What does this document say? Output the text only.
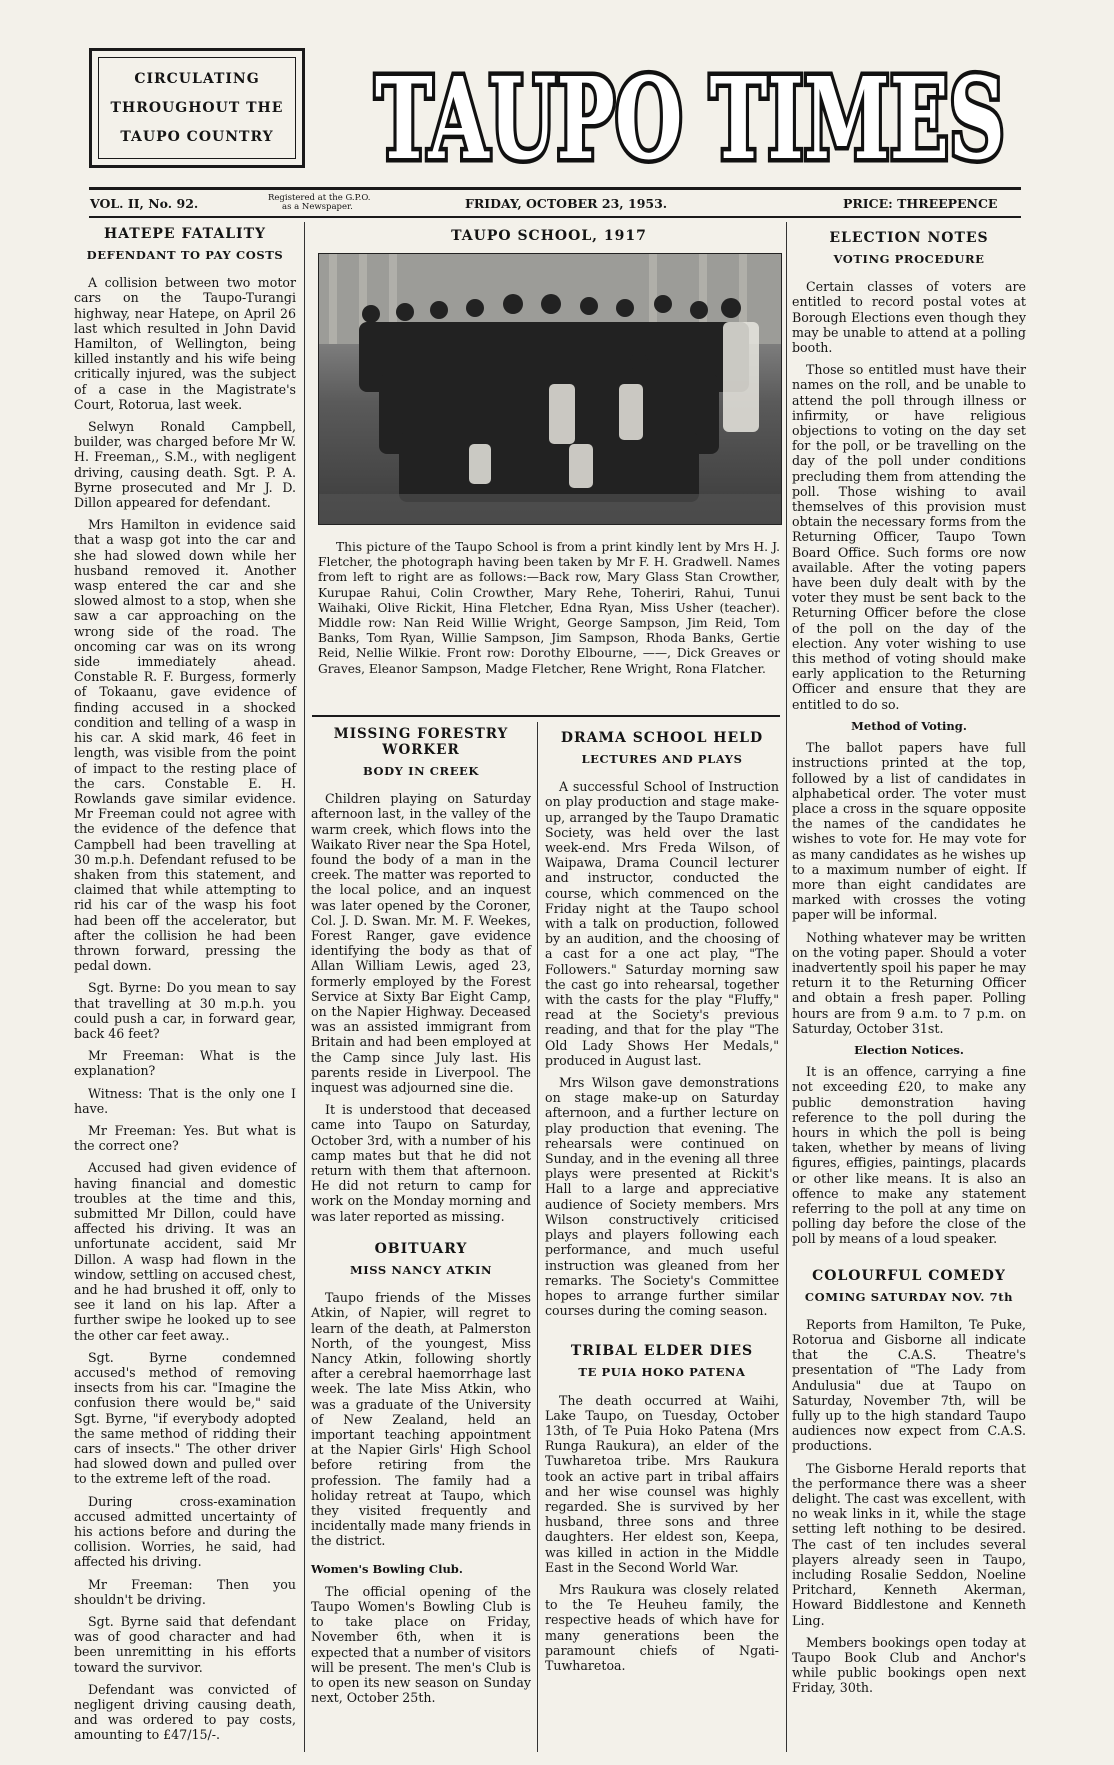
CIRCULATING
THROUGHOUT THE
TAUPO COUNTRY TAUPO TIMES
VOL. II, No. 92.	Registered at the G.P.O.
as a Newspaper.	FRIDAY, OCTOBER 23, 1953.	PRICE: THREEPENCE
HATEPE FATALITY
DEFENDANT TO PAY COSTS

A collision between two motor cars on the Taupo-Turangi highway, near Hatepe, on April 26 last which resulted in John David Hamilton, of Wellington, being killed instantly and his wife being critically injured, was the subject of a case in the Magistrate's Court, Rotorua, last week.

Selwyn Ronald Campbell, builder, was charged before Mr W. H. Freeman,, S.M., with negligent driving, causing death. Sgt. P. A. Byrne prosecuted and Mr J. D. Dillon appeared for defendant.

Mrs Hamilton in evidence said that a wasp got into the car and she had slowed down while her husband removed it. Another wasp entered the car and she slowed almost to a stop, when she saw a car approaching on the wrong side of the road. The oncoming car was on its wrong side immediately ahead. Constable R. F. Burgess, formerly of Tokaanu, gave evidence of finding accused in a shocked condition and telling of a wasp in his car. A skid mark, 46 feet in length, was visible from the point of impact to the resting place of the cars. Constable E. H. Rowlands gave similar evidence. Mr Freeman could not agree with the evidence of the defence that Campbell had been travelling at 30 m.p.h. Defendant refused to be shaken from this statement, and claimed that while attempting to rid his car of the wasp his foot had been off the accelerator, but after the collision he had been thrown forward, pressing the pedal down.

Sgt. Byrne: Do you mean to say that travelling at 30 m.p.h. you could push a car, in forward gear, back 46 feet?

Mr Freeman: What is the explanation?

Witness: That is the only one I have.

Mr Freeman: Yes. But what is the correct one?

Accused had given evidence of having financial and domestic troubles at the time and this, submitted Mr Dillon, could have affected his driving. It was an unfortunate accident, said Mr Dillon. A wasp had flown in the window, settling on accused chest, and he had brushed it off, only to see it land on his lap. After a further swipe he looked up to see the other car feet away..

Sgt. Byrne condemned accused's method of removing insects from his car. "Imagine the confusion there would be," said Sgt. Byrne, "if everybody adopted the same method of ridding their cars of insects." The other driver had slowed down and pulled over to the extreme left of the road.

During cross-examination accused admitted uncertainty of his actions before and during the collision. Worries, he said, had affected his driving.

Mr Freeman: Then you shouldn't be driving.

Sgt. Byrne said that defendant was of good character and had been unremitting in his efforts toward the survivor.

Defendant was convicted of negligent driving causing death, and was ordered to pay costs, amounting to £47/15/-.

TAUPO SCHOOL, 1917

This picture of the Taupo School is from a print kindly lent by Mrs H. J. Fletcher, the photograph having been taken by Mr F. H. Gradwell. Names from left to right are as follows:—Back row, Mary Glass Stan Crowther, Kurupae Rahui, Colin Crowther, Mary Rehe, Toheriri, Rahui, Tunui Waihaki, Olive Rickit, Hina Fletcher, Edna Ryan, Miss Usher (teacher). Middle row: Nan Reid Willie Wright, George Sampson, Jim Reid, Tom Banks, Tom Ryan, Willie Sampson, Jim Sampson, Rhoda Banks, Gertie Reid, Nellie Wilkie. Front row: Dorothy Elbourne, ——, Dick Greaves or Graves, Eleanor Sampson, Madge Fletcher, Rene Wright, Rona Flatcher.

MISSING FORESTRY WORKER
BODY IN CREEK

Children playing on Saturday afternoon last, in the valley of the warm creek, which flows into the Waikato River near the Spa Hotel, found the body of a man in the creek. The matter was reported to the local police, and an inquest was later opened by the Coroner, Col. J. D. Swan. Mr. M. F. Weekes, Forest Ranger, gave evidence identifying the body as that of Allan William Lewis, aged 23, formerly employed by the Forest Service at Sixty Bar Eight Camp, on the Napier Highway. Deceased was an assisted immigrant from Britain and had been employed at the Camp since July last. His parents reside in Liverpool. The inquest was adjourned sine die.

It is understood that deceased came into Taupo on Saturday, October 3rd, with a number of his camp mates but that he did not return with them that afternoon. He did not return to camp for work on the Monday morning and was later reported as missing.

OBITUARY
MISS NANCY ATKIN

Taupo friends of the Misses Atkin, of Napier, will regret to learn of the death, at Palmerston North, of the youngest, Miss Nancy Atkin, following shortly after a cerebral haemorrhage last week. The late Miss Atkin, who was a graduate of the University of New Zealand, held an important teaching appointment at the Napier Girls' High School before retiring from the profession. The family had a holiday retreat at Taupo, which they visited frequently and incidentally made many friends in the district.

Women's Bowling Club.

The official opening of the Taupo Women's Bowling Club is to take place on Friday, November 6th, when it is expected that a number of visitors will be present. The men's Club is to open its new season on Sunday next, October 25th.

DRAMA SCHOOL HELD
LECTURES AND PLAYS

A successful School of Instruction on play production and stage make-up, arranged by the Taupo Dramatic Society, was held over the last week-end. Mrs Freda Wilson, of Waipawa, Drama Council lecturer and instructor, conducted the course, which commenced on the Friday night at the Taupo school with a talk on production, followed by an audition, and the choosing of a cast for a one act play, "The Followers." Saturday morning saw the cast go into rehearsal, together with the casts for the play "Fluffy," read at the Society's previous reading, and that for the play "The Old Lady Shows Her Medals," produced in August last.

Mrs Wilson gave demonstrations on stage make-up on Saturday afternoon, and a further lecture on play production that evening. The rehearsals were continued on Sunday, and in the evening all three plays were presented at Rickit's Hall to a large and appreciative audience of Society members. Mrs Wilson constructively criticised plays and players following each performance, and much useful instruction was gleaned from her remarks. The Society's Committee hopes to arrange further similar courses during the coming season.

TRIBAL ELDER DIES
TE PUIA HOKO PATENA

The death occurred at Waihi, Lake Taupo, on Tuesday, October 13th, of Te Puia Hoko Patena (Mrs Runga Raukura), an elder of the Tuwharetoa tribe. Mrs Raukura took an active part in tribal affairs and her wise counsel was highly regarded. She is survived by her husband, three sons and three daughters. Her eldest son, Keepa, was killed in action in the Middle East in the Second World War.

Mrs Raukura was closely related to the Te Heuheu family, the respective heads of which have for many generations been the paramount chiefs of Ngati-Tuwharetoa.

ELECTION NOTES
VOTING PROCEDURE

Certain classes of voters are entitled to record postal votes at Borough Elections even though they may be unable to attend at a polling booth.

Those so entitled must have their names on the roll, and be unable to attend the poll through illness or infirmity, or have religious objections to voting on the day set for the poll, or be travelling on the day of the poll under conditions precluding them from attending the poll. Those wishing to avail themselves of this provision must obtain the necessary forms from the Returning Officer, Taupo Town Board Office. Such forms ore now available. After the voting papers have been duly dealt with by the voter they must be sent back to the Returning Officer before the close of the poll on the day of the election. Any voter wishing to use this method of voting should make early application to the Returning Officer and ensure that they are entitled to do so.

Method of Voting.

The ballot papers have full instructions printed at the top, followed by a list of candidates in alphabetical order. The voter must place a cross in the square opposite the names of the candidates he wishes to vote for. He may vote for as many candidates as he wishes up to a maximum number of eight. If more than eight candidates are marked with crosses the voting paper will be informal.

Nothing whatever may be written on the voting paper. Should a voter inadvertently spoil his paper he may return it to the Returning Officer and obtain a fresh paper. Polling hours are from 9 a.m. to 7 p.m. on Saturday, October 31st.

Election Notices.

It is an offence, carrying a fine not exceeding £20, to make any public demonstration having reference to the poll during the hours in which the poll is being taken, whether by means of living figures, effigies, paintings, placards or other like means. It is also an offence to make any statement referring to the poll at any time on polling day before the close of the poll by means of a loud speaker.

COLOURFUL COMEDY
COMING SATURDAY NOV. 7th

Reports from Hamilton, Te Puke, Rotorua and Gisborne all indicate that the C.A.S. Theatre's presentation of "The Lady from Andulusia" due at Taupo on Saturday, November 7th, will be fully up to the high standard Taupo audiences now expect from C.A.S. productions.

The Gisborne Herald reports that the performance there was a sheer delight. The cast was excellent, with no weak links in it, while the stage setting left nothing to be desired. The cast of ten includes several players already seen in Taupo, including Rosalie Seddon, Noeline Pritchard, Kenneth Akerman, Howard Biddlestone and Kenneth Ling.

Members bookings open today at Taupo Book Club and Anchor's while public bookings open next Friday, 30th.
